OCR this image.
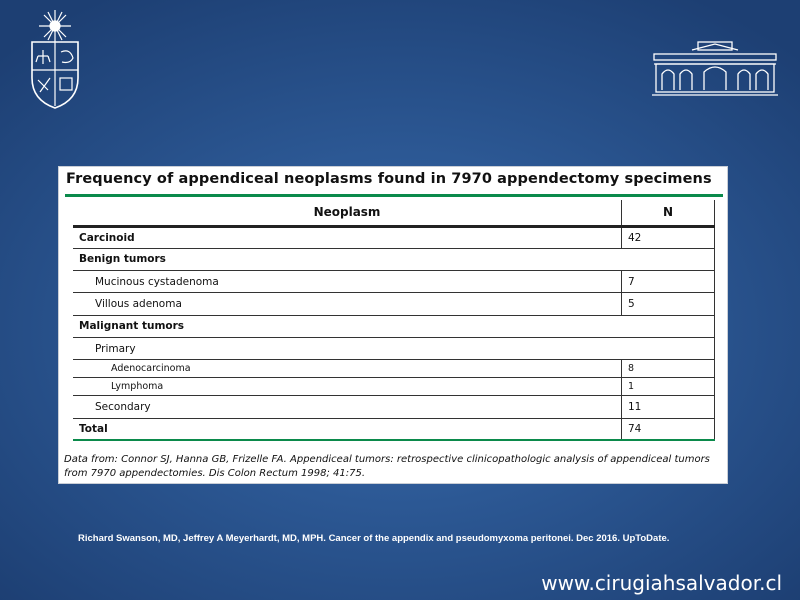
Frequency of appendiceal neoplasms found in 7970 appendectomy specimens
Neoplasm	N
Carcinoid	42
Benign tumors	
Mucinous cystadenoma	7
Villous adenoma	5
Malignant tumors	
Primary	
Adenocarcinoma	8
Lymphoma	1
Secondary	11
Total	74
Data from: Connor SJ, Hanna GB, Frizelle FA. Appendiceal tumors: retrospective clinicopathologic analysis of appendiceal tumors from 7970 appendectomies. Dis Colon Rectum 1998; 41:75.
Richard Swanson, MD, Jeffrey A Meyerhardt, MD, MPH. Cancer of the appendix and pseudomyxoma peritonei. Dec 2016. UpToDate.
www.cirugiahsalvador.cl
